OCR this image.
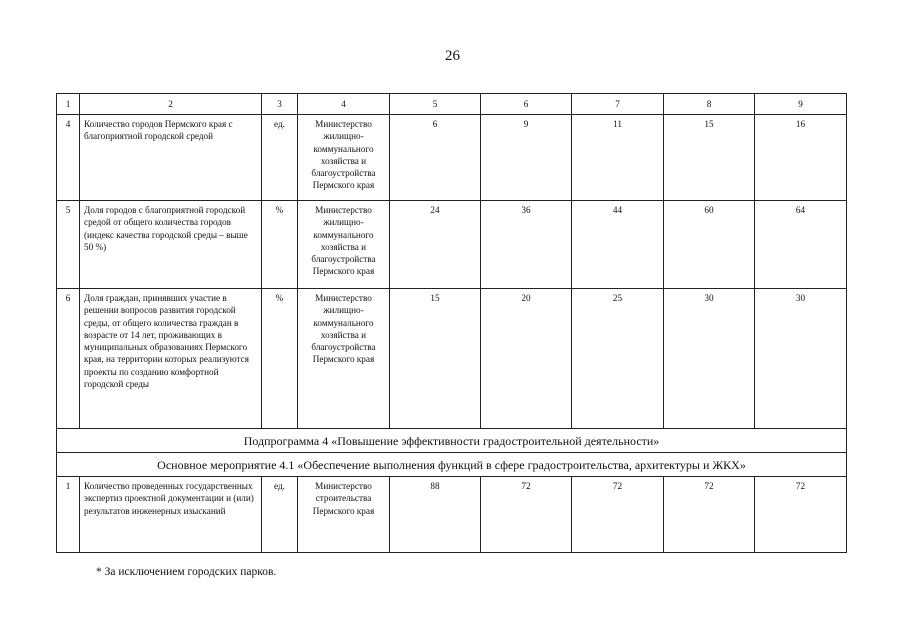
26
1	2	3	4	5	6	7	8	9
4	Количество городов Пермского края с благоприятной городской средой	ед.	Министерство жилищно-коммунального хозяйства и благоустройства Пермского края	6	9	11	15	16
5	Доля городов с благоприятной городской средой от общего количества городов (индекс качества городской среды – выше 50 %)	%	Министерство жилищно-коммунального хозяйства и благоустройства Пермского края	24	36	44	60	64
6	Доля граждан, принявших участие в решении вопросов развития городской среды, от общего количества граждан в возрасте от 14 лет, проживающих в муниципальных образованиях Пермского края, на территории которых реализуются проекты по созданию комфортной городской среды	%	Министерство жилищно-коммунального хозяйства и благоустройства Пермского края	15	20	25	30	30
Подпрограмма 4 «Повышение эффективности градостроительной деятельности»								
Основное мероприятие 4.1 «Обеспечение выполнения функций в сфере градостроительства, архитектуры и ЖКХ»								
1	Количество проведенных государственных экспертиз проектной документации и (или) результатов инженерных изысканий	ед.	Министерство строительства Пермского края	88	72	72	72	72
* За исключением городских парков.
